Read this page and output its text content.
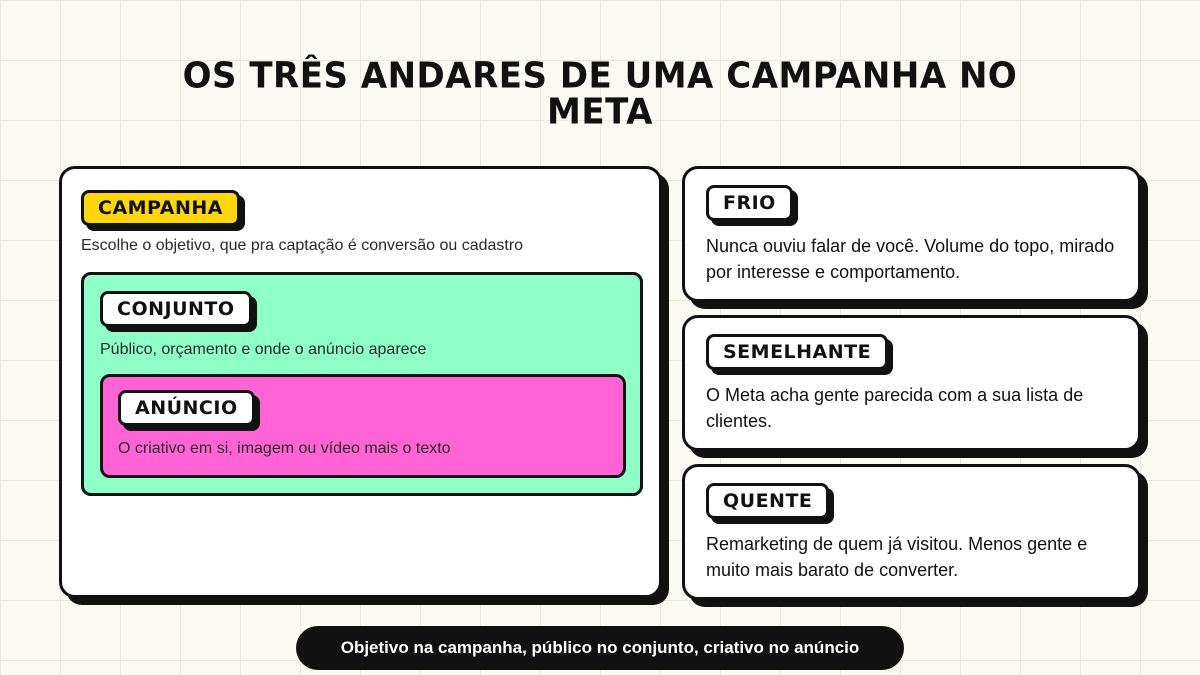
OS TRÊS ANDARES DE UMA CAMPANHA NO META
CAMPANHA
Escolhe o objetivo, que pra captação é conversão ou cadastro
CONJUNTO
Público, orçamento e onde o anúncio aparece
ANÚNCIO
O criativo em si, imagem ou vídeo mais o texto
FRIO
Nunca ouviu falar de você. Volume do topo, mirado por interesse e comportamento.
SEMELHANTE
O Meta acha gente parecida com a sua lista de clientes.
QUENTE
Remarketing de quem já visitou. Menos gente e muito mais barato de converter.
Objetivo na campanha, público no conjunto, criativo no anúncio
